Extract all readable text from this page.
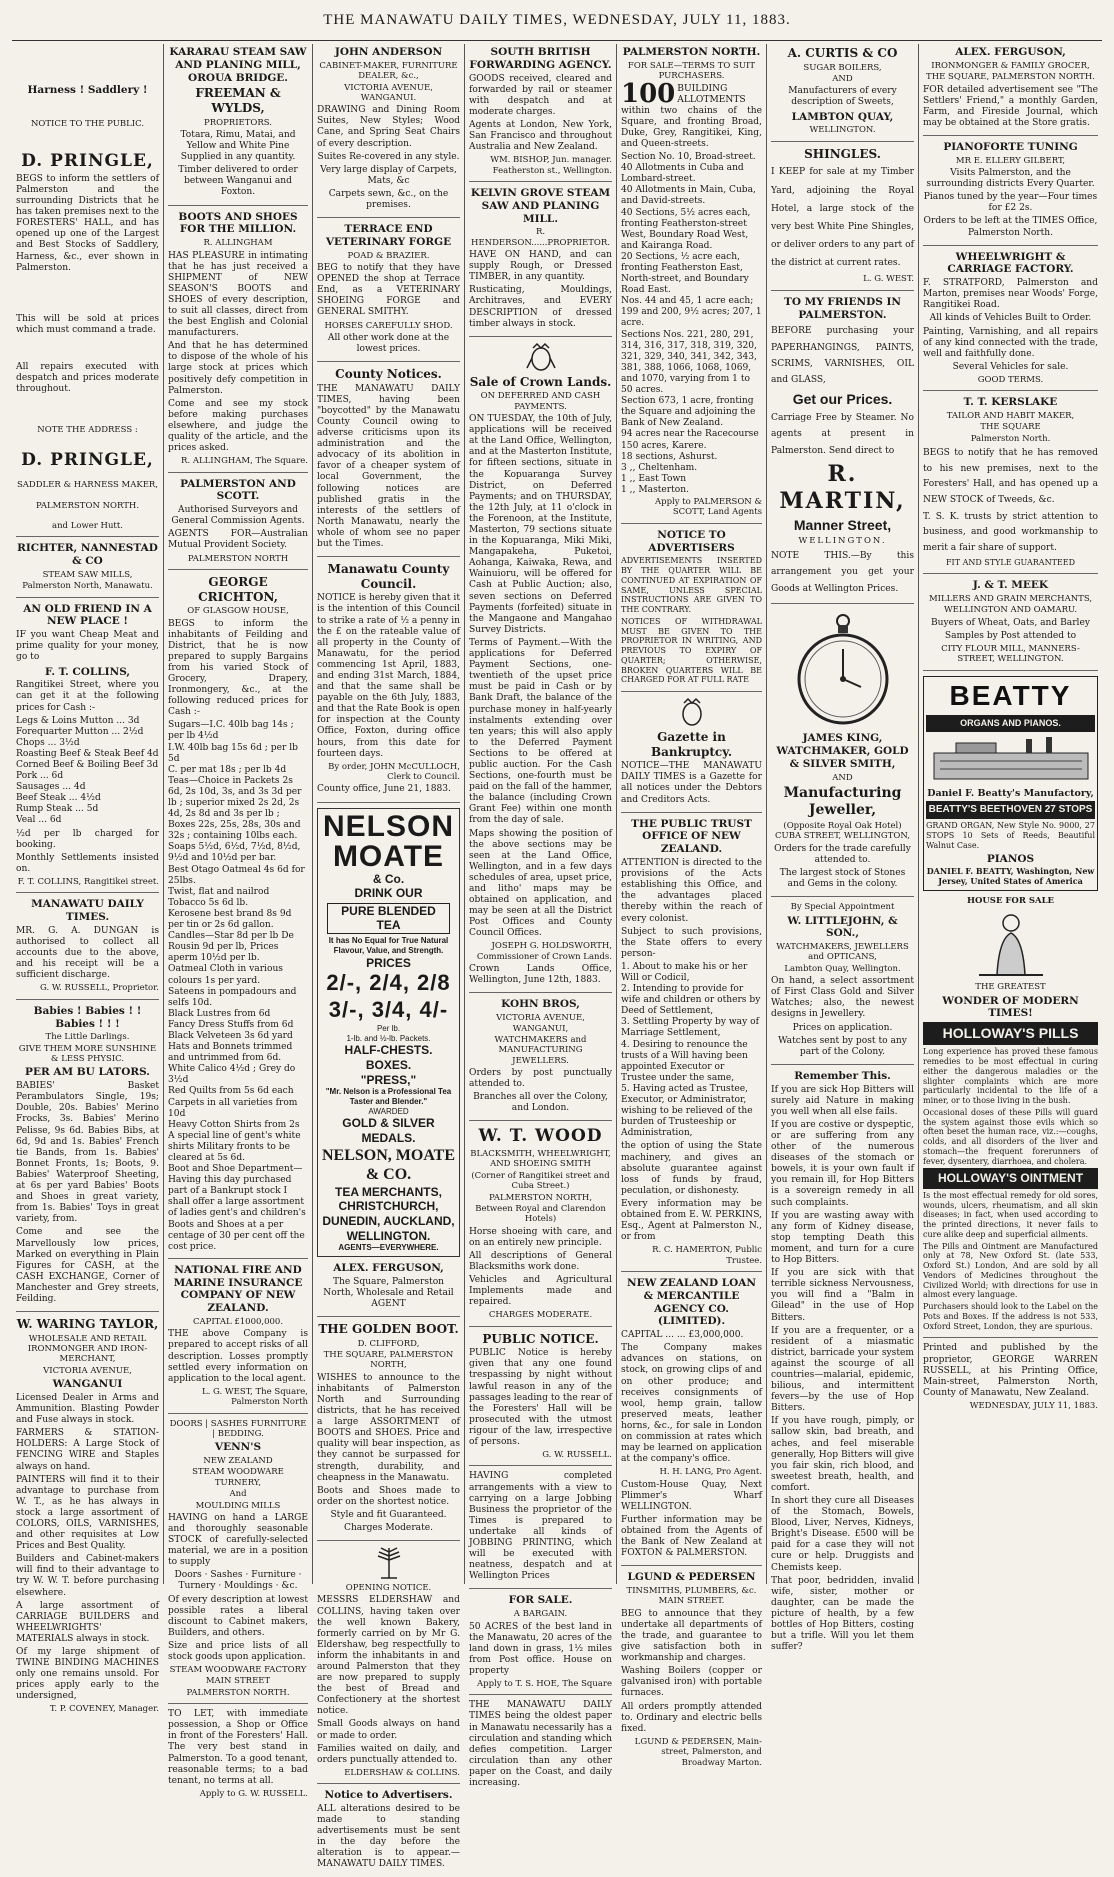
THE MANAWATU DAILY TIMES, WEDNESDAY, JULY 11, 1883.
Harness ! Saddlery !
NOTICE TO THE PUBLIC.
D. PRINGLE,
BEGS to inform the settlers of Palmerston and the surrounding Districts that he has taken premises next to the FORESTERS' HALL, and has opened up one of the Largest and Best Stocks of Saddlery, Harness, &c., ever shown in Palmerston.
This will be sold at prices which must command a trade.
All repairs executed with despatch and prices moderate throughout.
NOTE THE ADDRESS :
D. PRINGLE,
SADDLER & HARNESS MAKER,
PALMERSTON NORTH.
and Lower Hutt.
RICHTER, NANNESTAD & CO
STEAM SAW MILLS,
Palmerston North, Manawatu.
AN OLD FRIEND IN A NEW PLACE !
IF you want Cheap Meat and prime quality for your money, go to
F. T. COLLINS,
Rangitikei Street, where you can get it at the following prices for Cash :-
Legs & Loins Mutton ... 3d
Forequarter Mutton ... 2½d
Chops ... 3½d
Roasting Beef & Steak Beef 4d
Corned Beef & Boiling Beef 3d
Pork ... 6d
Sausages ... 4d
Beef Steak ... 4½d
Rump Steak ... 5d
Veal ... 6d
½d per lb charged for booking.
Monthly Settlements insisted on.
F. T. COLLINS, Rangitikei street.
MANAWATU DAILY TIMES.
MR. G. A. DUNGAN is authorised to collect all accounts due to the above, and his receipt will be a sufficient discharge.
G. W. RUSSELL, Proprietor.
Babies ! Babies ! ! Babies ! ! !
The Little Darlings.
GIVE THEM MORE SUNSHINE & LESS PHYSIC.
PER AM BU LATORS.
BABIES' Basket Perambulators Single, 19s; Double, 20s. Babies' Merino Frocks, 3s. Babies' Merino Pelisse, 9s 6d. Babies Bibs, at 6d, 9d and 1s. Babies' French tie Bands, from 1s. Babies' Bonnet Fronts, 1s; Boots, 9. Babies' Waterproof Sheeting, at 6s per yard Babies' Boots and Shoes in great variety, from 1s. Babies' Toys in great variety, from.
Come and see the Marvellously low prices, Marked on everything in Plain Figures for CASH, at the CASH EXCHANGE, Corner of Manchester and Grey streets, Feilding.
W. WARING TAYLOR,
WHOLESALE AND RETAIL IRONMONGER AND IRON-MERCHANT,
VICTORIA AVENUE,
WANGANUI
Licensed Dealer in Arms and Ammunition. Blasting Powder and Fuse always in stock.
FARMERS & STATION-HOLDERS: A Large Stock of FENCING WIRE and Staples always on hand.
PAINTERS will find it to their advantage to purchase from W. T., as he has always in stock a large assortment of COLORS, OILS, VARNISHES, and other requisites at Low Prices and Best Quality.
Builders and Cabinet-makers will find to their advantage to try W. W. T. before purchasing elsewhere.
A large assortment of CARRIAGE BUILDERS and WHEELWRIGHTS' MATERIALS always in stock.
Of my large shipment of TWINE BINDING MACHINES only one remains unsold. For prices apply early to the undersigned,
T. P. COVENEY, Manager.
KARARAU STEAM SAW AND PLANING MILL, OROUA BRIDGE.
FREEMAN & WYLDS,
PROPRIETORS.
Totara, Rimu, Matai, and Yellow and White Pine Supplied in any quantity.
Timber delivered to order between Wanganui and Foxton.
BOOTS AND SHOES FOR THE MILLION.
R. ALLINGHAM
HAS PLEASURE in intimating that he has just received a SHIPMENT of NEW SEASON'S BOOTS and SHOES of every description, to suit all classes, direct from the best English and Colonial manufacturers.
And that he has determined to dispose of the whole of his large stock at prices which positively defy competition in Palmerston.
Come and see my stock before making purchases elsewhere, and judge the quality of the article, and the prices asked.
R. ALLINGHAM, The Square.
PALMERSTON AND SCOTT.
Authorised Surveyors and General Commission Agents.
AGENTS FOR—Australian Mutual Provident Society.
PALMERSTON NORTH
GEORGE CRICHTON,
OF GLASGOW HOUSE,
BEGS to inform the inhabitants of Feilding and District, that he is now prepared to supply Bargains from his varied Stock of Grocery, Drapery, Ironmongery, &c., at the following reduced prices for Cash :-
Sugars—I.C. 40lb bag 14s ; per lb 4½d
I.W. 40lb bag 15s 6d ; per lb 5d
C. per mat 18s ; per lb 4d
Teas—Choice in Packets 2s 6d, 2s 10d, 3s, and 3s 3d per lb ; superior mixed 2s 2d, 2s 4d, 2s 8d and 3s per lb ; Boxes 22s, 25s, 28s, 30s and 32s ; containing 10lbs each.
Soaps 5½d, 6½d, 7½d, 8½d, 9½d and 10½d per bar.
Best Otago Oatmeal 4s 6d for 25lbs.
Twist, flat and nailrod Tobacco 5s 6d lb.
Kerosene best brand 8s 9d per tin or 2s 6d gallon.
Candles—Star 8d per lb De Rousin 9d per lb, Prices aperm 10½d per lb.
Oatmeal Cloth in various colours 1s per yard.
Sateens in pompadours and selfs 10d.
Black Lustres from 6d
Fancy Dress Stuffs from 6d
Black Velveteen 3s 6d yard
Hats and Bonnets trimmed and untrimmed from 6d.
White Calico 4½d ; Grey do 3½d
Red Quilts from 5s 6d each
Carpets in all varieties from 10d
Heavy Cotton Shirts from 2s
A special line of gent's white shirts Military fronts to be cleared at 5s 6d.
Boot and Shoe Department—Having this day purchased part of a Bankrupt stock I shall offer a large assortment of ladies gent's and children's Boots and Shoes at a per centage of 30 per cent off the cost price.
NATIONAL FIRE AND MARINE INSURANCE COMPANY OF NEW ZEALAND.
CAPITAL £1000,000.
THE above Company is prepared to accept risks of all description. Losses promptly settled every information on application to the local agent.
L. G. WEST, The Square, Palmerston North
DOORS | SASHES FURNITURE | BEDDING.
VENN'S
NEW ZEALAND
STEAM WOODWARE TURNERY,
And
MOULDING MILLS
HAVING on hand a LARGE and thoroughly seasonable STOCK of carefully-selected material, we are in a position to supply
Doors · Sashes · Furniture · Turnery · Mouldings · &c.
Of every description at lowest possible rates a liberal discount to Cabinet makers, Builders, and others.
Size and price lists of all stock goods upon application.
STEAM WOODWARE FACTORY
MAIN STREET
PALMERSTON NORTH.
TO LET, with immediate possession, a Shop or Office in front of the Foresters' Hall. The very best stand in Palmerston. To a good tenant, reasonable terms; to a bad tenant, no terms at all.
Apply to G. W. RUSSELL.
JOHN ANDERSON
CABINET-MAKER, FURNITURE DEALER, &c.,
VICTORIA AVENUE, WANGANUI.
DRAWING and Dining Room Suites, New Styles; Wood Cane, and Spring Seat Chairs of every description.
Suites Re-covered in any style.
Very large display of Carpets, Mats, &c
Carpets sewn, &c., on the premises.
TERRACE END VETERINARY FORGE
POAD & BRAZIER.
BEG to notify that they have OPENED the shop at Terrace End, as a VETERINARY SHOEING FORGE and GENERAL SMITHY.
HORSES CAREFULLY SHOD.
All other work done at the lowest prices.
County Notices.
THE MANAWATU DAILY TIMES, having been "boycotted" by the Manawatu County Council owing to adverse criticisms upon its administration and the advocacy of its abolition in favor of a cheaper system of local Government, the following notices are published gratis in the interests of the settlers of North Manawatu, nearly the whole of whom see no paper but the Times.
Manawatu County Council.
NOTICE is hereby given that it is the intention of this Council to strike a rate of ½ a penny in the £ on the rateable value of all property in the County of Manawatu, for the period commencing 1st April, 1883, and ending 31st March, 1884, and that the same shall be payable on the 6th July, 1883, and that the Rate Book is open for inspection at the County Office, Foxton, during office hours, from this date for fourteen days.
By order, JOHN McCULLOCH, Clerk to Council.
County office, June 21, 1883.
NELSON MOATE
& Co.
DRINK OUR
PURE BLENDED TEA
It has No Equal for True Natural Flavour, Value, and Strength.
PRICES
2/-, 2/4, 2/8
3/-, 3/4, 4/-
Per lb.
1-lb. and ½-lb. Packets.
HALF-CHESTS. BOXES.
"PRESS,"
"Mr. Nelson is a Professional Tea Taster and Blender."
AWARDED
GOLD & SILVER MEDALS.
NELSON, MOATE & CO.
TEA MERCHANTS,
CHRISTCHURCH, DUNEDIN, AUCKLAND, WELLINGTON.
AGENTS—EVERYWHERE.
ALEX. FERGUSON,
The Square, Palmerston North, Wholesale and Retail AGENT
THE GOLDEN BOOT.
D. CLIFFORD,
THE SQUARE, PALMERSTON NORTH,
WISHES to announce to the inhabitants of Palmerston North and Surrounding districts, that he has received a large ASSORTMENT of BOOTS and SHOES. Price and quality will bear inspection, as they cannot be surpassed for strength, durability, and cheapness in the Manawatu.
Boots and Shoes made to order on the shortest notice.
Style and fit Guaranteed.
Charges Moderate.
OPENING NOTICE.
MESSRS ELDERSHAW and COLLINS, having taken over the well known Bakery, formerly carried on by Mr G. Eldershaw, beg respectfully to inform the inhabitants in and around Palmerston that they are now prepared to supply the best of Bread and Confectionery at the shortest notice.
Small Goods always on hand or made to order.
Families waited on daily, and orders punctually attended to.
ELDERSHAW & COLLINS.
Notice to Advertisers.
ALL alterations desired to be made to standing advertisements must be sent in the day before the alteration is to appear.—MANAWATU DAILY TIMES.
SOUTH BRITISH FORWARDING AGENCY.
GOODS received, cleared and forwarded by rail or steamer with despatch and at moderate charges.
Agents at London, New York, San Francisco and throughout Australia and New Zealand.
WM. BISHOP, Jun. manager. Featherston st., Wellington.
KELVIN GROVE STEAM SAW AND PLANING MILL.
R. HENDERSON......PROPRIETOR.
HAVE ON HAND, and can supply Rough, or Dressed TIMBER, in any quantity.
Rusticating, Mouldings, Architraves, and EVERY DESCRIPTION of dressed timber always in stock.
Sale of Crown Lands.
ON DEFERRED AND CASH PAYMENTS.
ON TUESDAY, the 10th of July, applications will be received at the Land Office, Wellington, and at the Masterton Institute, for fifteen sections, situate in the Kopuaranga Survey District, on Deferred Payments; and on THURSDAY, the 12th July, at 11 o'clock in the Forenoon, at the Institute, Masterton, 79 sections situate in the Kopuaranga, Miki Miki, Mangapakeha, Puketoi, Aohanga, Kaiwaka, Rewa, and Wainuioru, will be offered for Cash at Public Auction; also, seven sections on Deferred Payments (forfeited) situate in the Mangaone and Mangahao Survey Districts.
Terms of Payment.—With the applications for Deferred Payment Sections, one-twentieth of the upset price must be paid in Cash or by Bank Draft, the balance of the purchase money in half-yearly instalments extending over ten years; this will also apply to the Deferred Payment Sections to be offered at public auction. For the Cash Sections, one-fourth must be paid on the fall of the hammer, the balance (including Crown Grant Fee) within one month from the day of sale.
Maps showing the position of the above sections may be seen at the Land Office, Wellington, and in a few days schedules of area, upset price, and litho' maps may be obtained on application, and may be seen at all the District Post Offices and County Council Offices.
JOSEPH G. HOLDSWORTH, Commissioner of Crown Lands.
Crown Lands Office, Wellington, June 12th, 1883.
KOHN BROS,
VICTORIA AVENUE, WANGANUI,
WATCHMAKERS and MANUFACTURING JEWELLERS.
Orders by post punctually attended to.
Branches all over the Colony, and London.
W. T. WOOD
BLACKSMITH, WHEELWRIGHT, AND SHOEING SMITH
(Corner of Rangitikei street and Cuba Street.)
PALMERSTON NORTH,
Between Royal and Clarendon Hotels)
Horse shoeing with care, and on an entirely new principle.
All descriptions of General Blacksmiths work done.
Vehicles and Agricultural Implements made and repaired.
CHARGES MODERATE.
PUBLIC NOTICE.
PUBLIC Notice is hereby given that any one found trespassing by night without lawful reason in any of the passages leading to the rear of the Foresters' Hall will be prosecuted with the utmost rigour of the law, irrespective of persons.
G. W. RUSSELL.
HAVING completed arrangements with a view to carrying on a large Jobbing Business the proprietor of the Times is prepared to undertake all kinds of JOBBING PRINTING, which will be executed with neatness, despatch and at Wellington Prices
FOR SALE.
A BARGAIN.
50 ACRES of the best land in the Manawatu, 20 acres of the land down in grass, 1½ miles from Post office. House on property
Apply to T. S. HOE, The Square
THE MANAWATU DAILY TIMES being the oldest paper in Manawatu necessarily has a circulation and standing which defies competition. Larger circulation than any other paper on the Coast, and daily increasing.
PALMERSTON NORTH.
FOR SALE—TERMS TO SUIT PURCHASERS.
100 BUILDING ALLOTMENTS within two chains of the Square, and fronting Broad, Duke, Grey, Rangitikei, King, and Queen-streets.
Section No. 10, Broad-street.
40 Allotments in Cuba and Lombard-street.
40 Allotments in Main, Cuba, and David-streets.
40 Sections, 5½ acres each, fronting Featherston-street West, Boundary Road West, and Kairanga Road.
20 Sections, ½ acre each, fronting Featherston East, North-street, and Boundary Road East.
Nos. 44 and 45, 1 acre each; 199 and 200, 9½ acres; 207, 1 acre.
Sections Nos. 221, 280, 291, 314, 316, 317, 318, 319, 320, 321, 329, 340, 341, 342, 343, 381, 388, 1066, 1068, 1069, and 1070, varying from 1 to 50 acres.
Section 673, 1 acre, fronting the Square and adjoining the Bank of New Zealand.
94 acres near the Racecourse
150 acres, Karere.
18 sections, Ashurst.
3 ,, Cheltenham.
1 ,, East Town
1 ,, Masterton.
Apply to PALMERSON & SCOTT, Land Agents
NOTICE TO ADVERTISERS
ADVERTISEMENTS INSERTED BY THE QUARTER WILL BE CONTINUED AT EXPIRATION OF SAME, UNLESS SPECIAL INSTRUCTIONS ARE GIVEN TO THE CONTRARY.
NOTICES OF WITHDRAWAL MUST BE GIVEN TO THE PROPRIETOR IN WRITING, AND PREVIOUS TO EXPIRY OF QUARTER; OTHERWISE, BROKEN QUARTERS WILL BE CHARGED FOR AT FULL RATE
Gazette in Bankruptcy.
NOTICE—THE MANAWATU DAILY TIMES is a Gazette for all notices under the Debtors and Creditors Acts.
THE PUBLIC TRUST OFFICE OF NEW ZEALAND.
ATTENTION is directed to the provisions of the Acts establishing this Office, and the advantages placed thereby within the reach of every colonist.
Subject to such provisions, the State offers to every person-
1. About to make his or her Will or Codicil,
2. Intending to provide for wife and children or others by Deed of Settlement,
3. Settling Property by way of Marriage Settlement,
4. Desiring to renounce the trusts of a Will having been appointed Executor or Trustee under the same,
5. Having acted as Trustee, Executor, or Administrator, wishing to be relieved of the burden of Trusteeship or Administration,
the option of using the State machinery, and gives an absolute guarantee against loss of funds by fraud, peculation, or dishonesty.
Every information may be obtained from E. W. PERKINS, Esq., Agent at Palmerston N., or from
R. C. HAMERTON, Public Trustee.
NEW ZEALAND LOAN & MERCANTILE AGENCY CO. (LIMITED).
CAPITAL ... ... £3,000,000.
The Company makes advances on stations, on stock, on growing clips of and on other produce; and receives consignments of wool, hemp grain, tallow preserved meats, leather horns, &c., for sale in London on commission at rates which may be learned on application at the company's office.
H. H. LANG, Pro Agent.
Custom-House Quay, Next Plimmer's Wharf WELLINGTON.
Further information may be obtained from the Agents of the Bank of New Zealand at FOXTON & PALMERSTON.
LGUND & PEDERSEN
TINSMITHS, PLUMBERS, &c. MAIN STREET.
BEG to announce that they undertake all departments of the trade, and guarantee to give satisfaction both in workmanship and charges.
Washing Boilers (copper or galvanised iron) with portable furnaces.
All orders promptly attended to. Ordinary and electric bells fixed.
LGUND & PEDERSEN, Main-street, Palmerston, and Broadway Marton.
A. CURTIS & CO
SUGAR BOILERS,
AND
Manufacturers of every description of Sweets,
LAMBTON QUAY,
WELLINGTON.
SHINGLES.
I KEEP for sale at my Timber Yard, adjoining the Royal Hotel, a large stock of the very best White Pine Shingles, or deliver orders to any part of the district at current rates.
L. G. WEST.
TO MY FRIENDS IN PALMERSTON.
BEFORE purchasing your PAPERHANGINGS, PAINTS, SCRIMS, VARNISHES, OIL and GLASS,
Get our Prices.
Carriage Free by Steamer. No agents at present in Palmerston. Send direct to
R. MARTIN,
Manner Street,
WELLINGTON.
NOTE THIS.—By this arrangement you get your Goods at Wellington Prices.
JAMES KING, WATCHMAKER, GOLD & SILVER SMITH,
AND
Manufacturing Jeweller,
(Opposite Royal Oak Hotel) CUBA STREET, WELLINGTON,
Orders for the trade carefully attended to.
The largest stock of Stones and Gems in the colony.
By Special Appointment
W. LITTLEJOHN, & SON.,
WATCHMAKERS, JEWELLERS and OPTICANS,
Lambton Quay, Wellington.
On hand, a select assortment of First Class Gold and Silver Watches; also, the newest designs in Jewellery.
Prices on application.
Watches sent by post to any part of the Colony.
Remember This.
If you are sick Hop Bitters will surely aid Nature in making you well when all else fails.
If you are costive or dyspeptic, or are suffering from any other of the numerous diseases of the stomach or bowels, it is your own fault if you remain ill, for Hop Bitters is a sovereign remedy in all such complaints.
If you are wasting away with any form of Kidney disease, stop tempting Death this moment, and turn for a cure to Hop Bitters.
If you are sick with that terrible sickness Nervousness, you will find a "Balm in Gilead" in the use of Hop Bitters.
If you are a frequenter, or a resident of a miasmatic district, barricade your system against the scourge of all countries—malarial, epidemic, bilious, and intermittent fevers—by the use of Hop Bitters.
If you have rough, pimply, or sallow skin, bad breath, and aches, and feel miserable generally, Hop Bitters will give you fair skin, rich blood, and sweetest breath, health, and comfort.
In short they cure all Diseases of the Stomach, Bowels, Blood, Liver, Nerves, Kidneys, Bright's Disease. £500 will be paid for a case they will not cure or help. Druggists and Chemists keep.
That poor, bedridden, invalid wife, sister, mother or daughter, can be made the picture of health, by a few bottles of Hop Bitters, costing but a trifle. Will you let them suffer?
ALEX. FERGUSON,
IRONMONGER & FAMILY GROCER,
THE SQUARE, PALMERSTON NORTH.
FOR detailed advertisement see "The Settlers' Friend," a monthly Garden, Farm, and Fireside Journal, which may be obtained at the Store gratis.
PIANOFORTE TUNING
MR E. ELLERY GILBERT,
Visits Palmerston, and the surrounding districts Every Quarter.
Pianos tuned by the year—Four times for £2 2s.
Orders to be left at the TIMES Office, Palmerston North.
WHEELWRIGHT & CARRIAGE FACTORY.
F. STRATFORD, Palmerston and Marton, premises near Woods' Forge, Rangitikei Road.
All kinds of Vehicles Built to Order.
Painting, Varnishing, and all repairs of any kind connected with the trade, well and faithfully done.
Several Vehicles for sale.
GOOD TERMS.
T. T. KERSLAKE
TAILOR AND HABIT MAKER,
THE SQUARE
Palmerston North.
BEGS to notify that he has removed to his new premises, next to the Foresters' Hall, and has opened up a NEW STOCK of Tweeds, &c.
T. S. K. trusts by strict attention to business, and good workmanship to merit a fair share of support.
FIT AND STYLE GUARANTEED
J. & T. MEEK
MILLERS AND GRAIN MERCHANTS,
WELLINGTON AND OAMARU.
Buyers of Wheat, Oats, and Barley
Samples by Post attended to
CITY FLOUR MILL, MANNERS-STREET, WELLINGTON.
BEATTY
ORGANS AND PIANOS.
Daniel F. Beatty's Manufactory,
BEATTY'S BEETHOVEN 27 STOPS
GRAND ORGAN, New Style No. 9000, 27 STOPS 10 Sets of Reeds, Beautiful Walnut Case.
PIANOS
DANIEL F. BEATTY, Washington, New Jersey, United States of America
HOUSE FOR SALE
THE GREATEST
WONDER OF MODERN TIMES!
HOLLOWAY'S PILLS
Long experience has proved these famous remedies to be most effectual in curing either the dangerous maladies or the slighter complaints which are more particularly incidental to the life of a miner, or to those living in the bush.
Occasional doses of these Pills will guard the system against those evils which so often beset the human race, viz.:—coughs, colds, and all disorders of the liver and stomach—the frequent forerunners of fever, dysentery, diarrhoea, and cholera.
HOLLOWAY'S OINTMENT
Is the most effectual remedy for old sores, wounds, ulcers, rheumatism, and all skin diseases; in fact, when used according to the printed directions, it never fails to cure alike deep and superficial ailments.
The Pills and Ointment are Manufactured only at 78, New Oxford St. (late 533, Oxford St.) London, And are sold by all Vendors of Medicines throughout the Civilized World; with directions for use in almost every language.
Purchasers should look to the Label on the Pots and Boxes. If the address is not 533, Oxford Street, London, they are spurious.
Printed and published by the proprietor, GEORGE WARREN RUSSELL, at his Printing Office, Main-street, Palmerston North, County of Manawatu, New Zealand.
WEDNESDAY, JULY 11, 1883.
